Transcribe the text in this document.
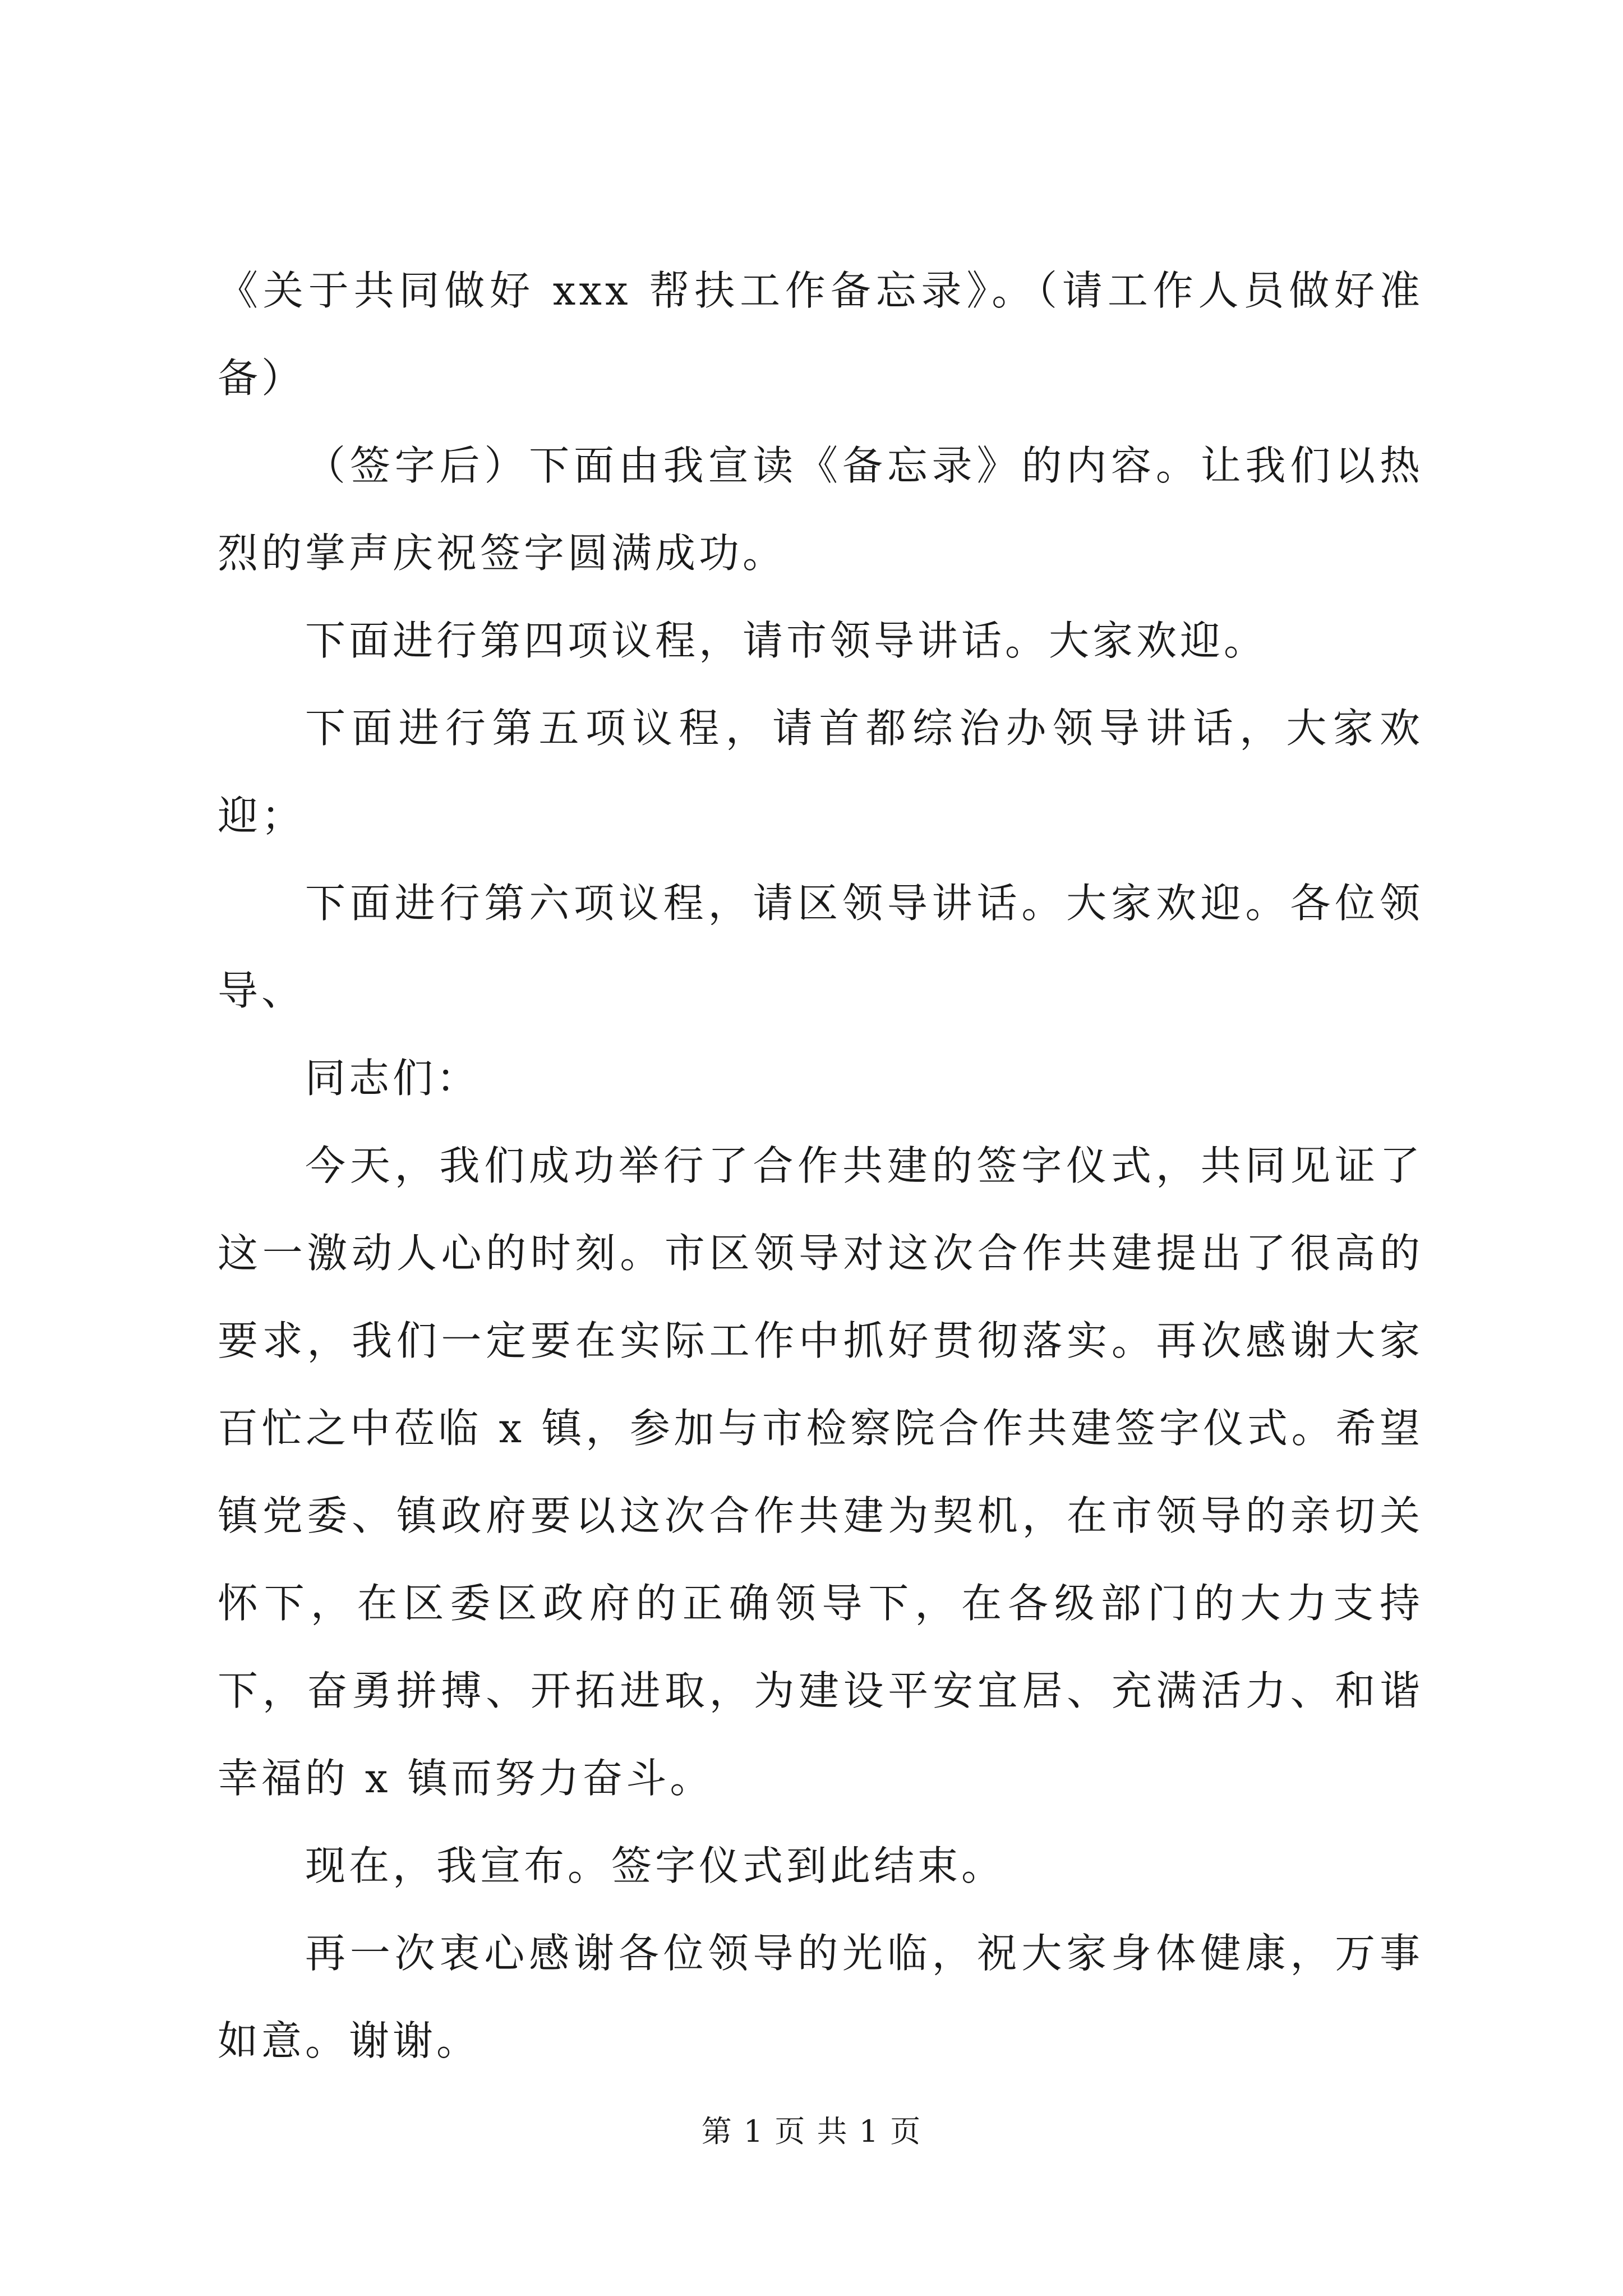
《关于共同做好 xxx 帮扶工作备忘录》。（请工作人员做好准备）

（签字后）下面由我宣读《备忘录》的内容。让我们以热烈的掌声庆祝签字圆满成功。

下面进行第四项议程，请市领导讲话。大家欢迎。

下面进行第五项议程，请首都综治办领导讲话，大家欢迎；

下面进行第六项议程，请区领导讲话。大家欢迎。各位领导、

同志们：

今天，我们成功举行了合作共建的签字仪式，共同见证了这一激动人心的时刻。市区领导对这次合作共建提出了很高的要求，我们一定要在实际工作中抓好贯彻落实。再次感谢大家百忙之中莅临 x 镇，参加与市检察院合作共建签字仪式。希望镇党委、镇政府要以这次合作共建为契机，在市领导的亲切关怀下，在区委区政府的正确领导下，在各级部门的大力支持下，奋勇拼搏、开拓进取，为建设平安宜居、充满活力、和谐幸福的 x 镇而努力奋斗。

现在，我宣布。签字仪式到此结束。

再一次衷心感谢各位领导的光临，祝大家身体健康，万事如意。谢谢。

第 1 页 共 1 页
